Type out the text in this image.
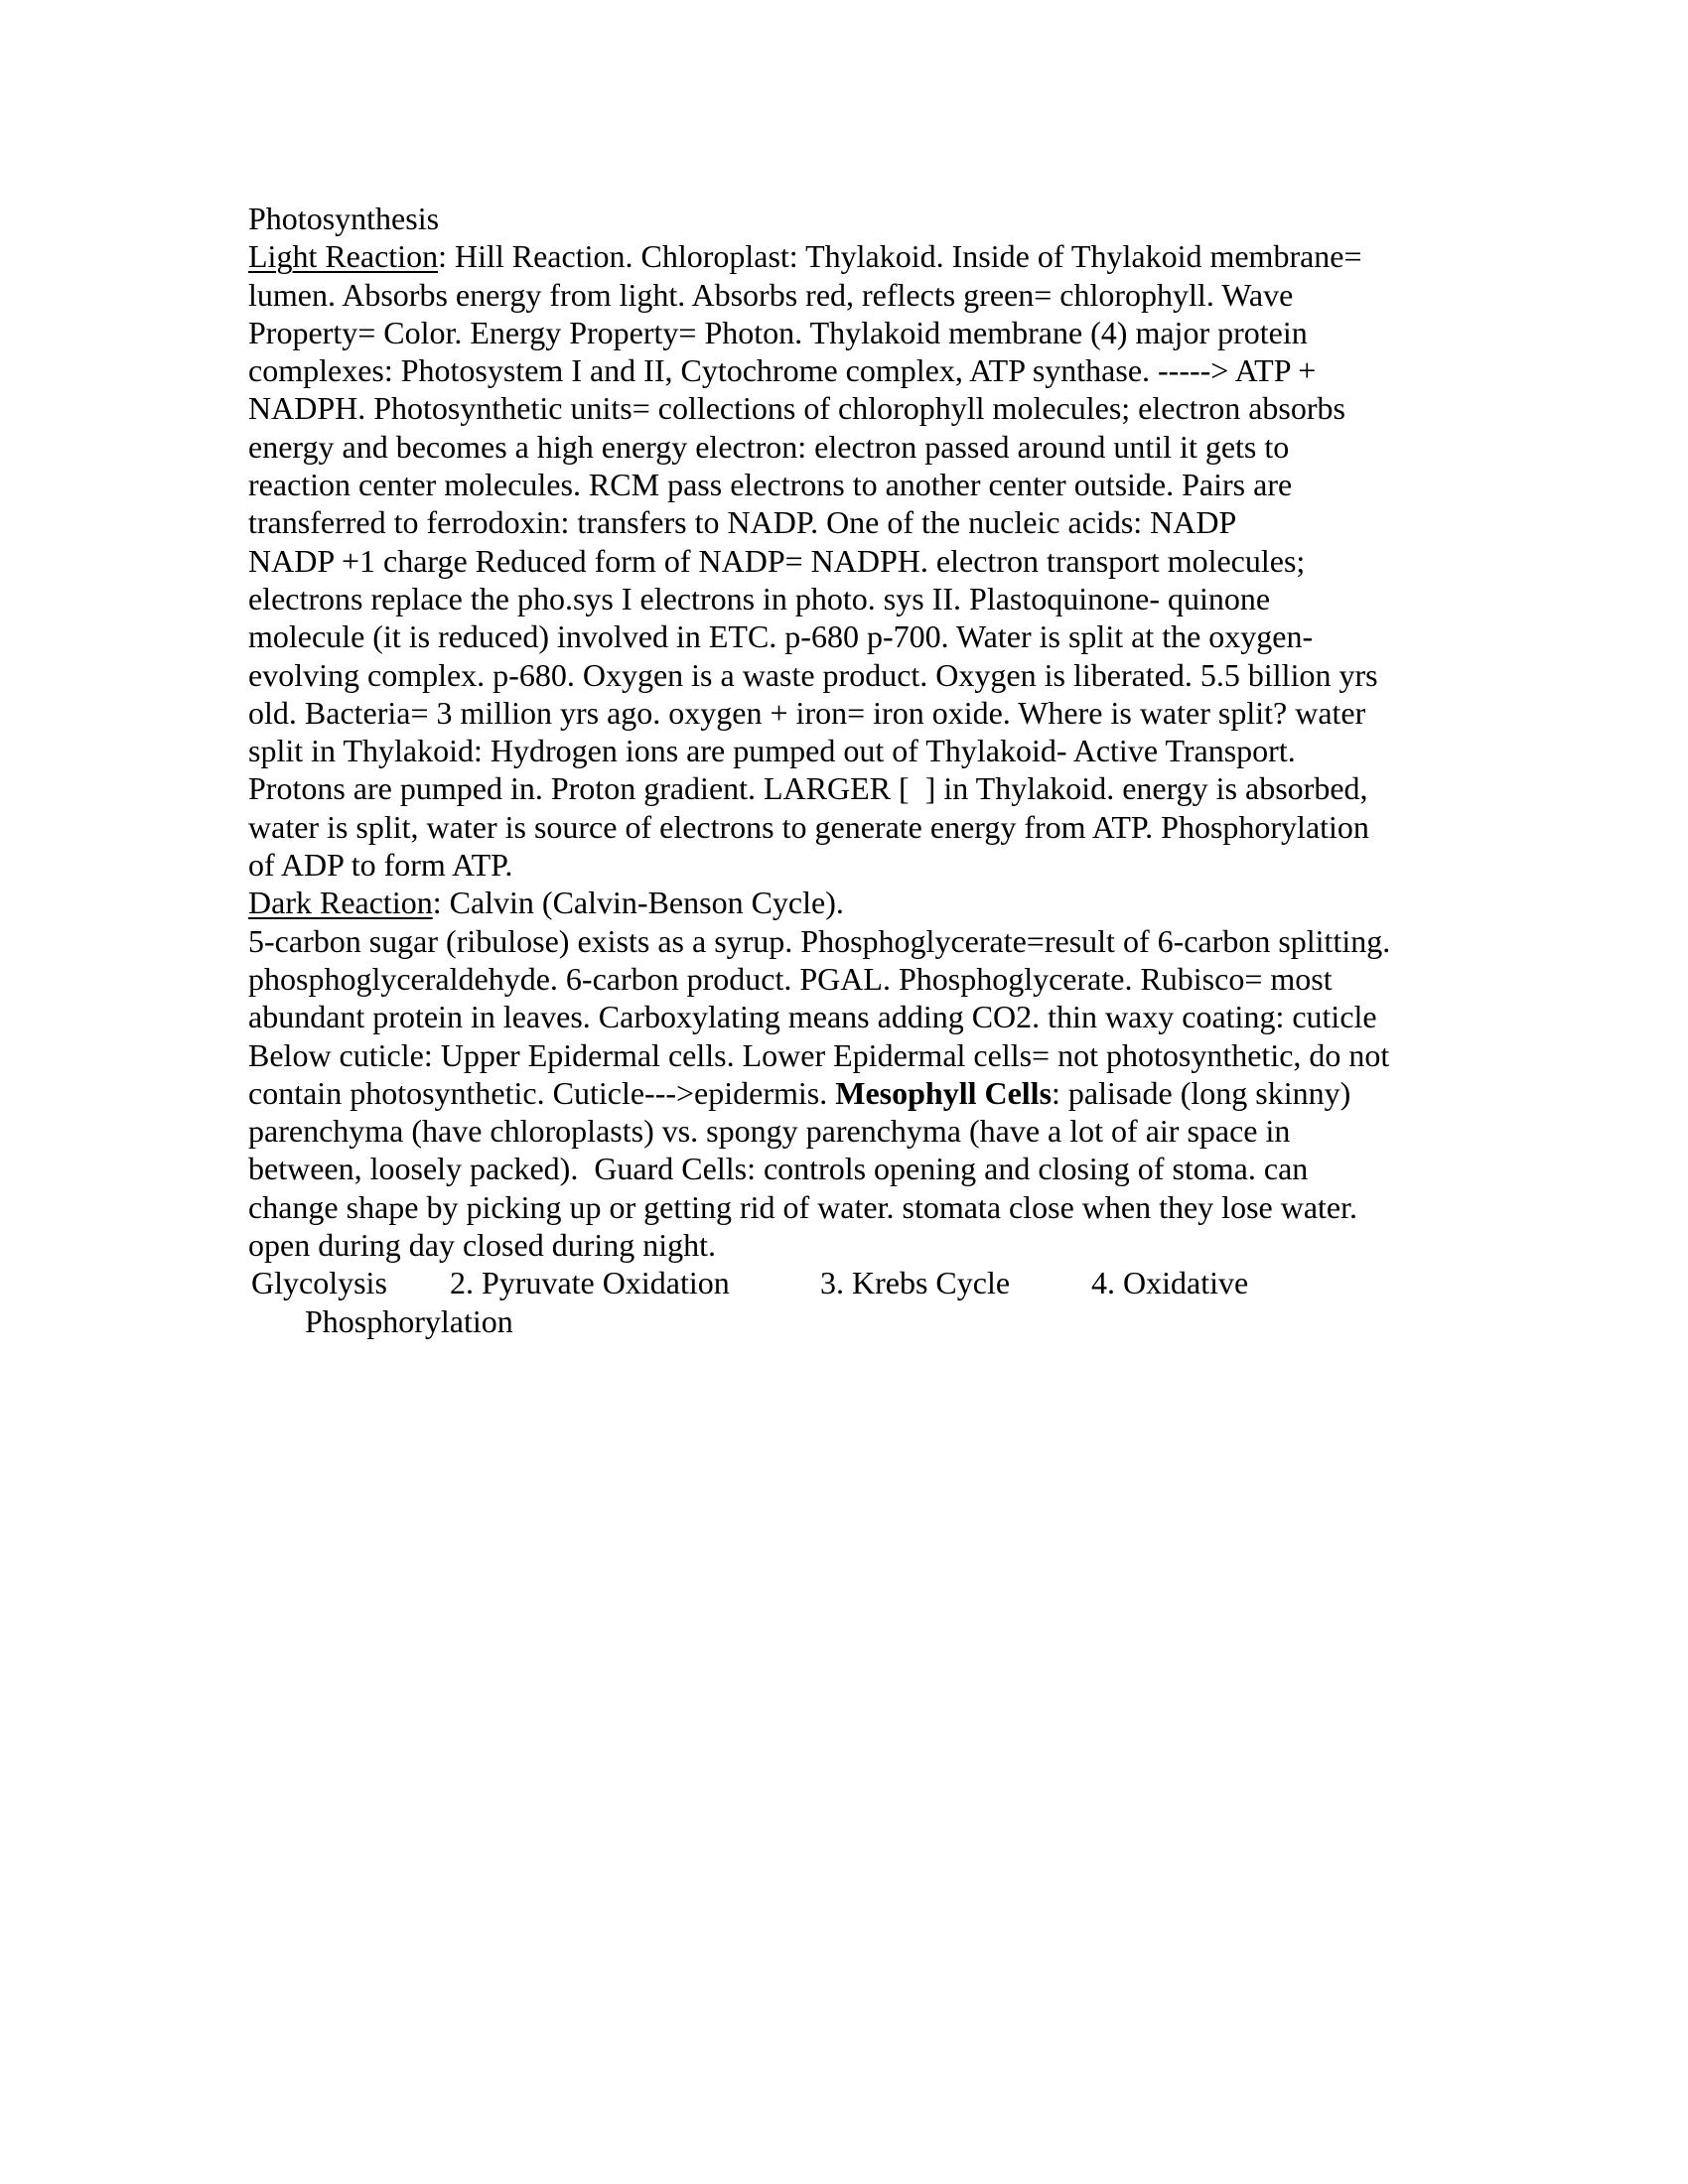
Photosynthesis
Light Reaction: Hill Reaction. Chloroplast: Thylakoid. Inside of Thylakoid membrane=
lumen. Absorbs energy from light. Absorbs red, reflects green= chlorophyll. Wave
Property= Color. Energy Property= Photon. Thylakoid membrane (4) major protein
complexes: Photosystem I and II, Cytochrome complex, ATP synthase. -----> ATP +
NADPH. Photosynthetic units= collections of chlorophyll molecules; electron absorbs
energy and becomes a high energy electron: electron passed around until it gets to
reaction center molecules. RCM pass electrons to another center outside. Pairs are
transferred to ferrodoxin: transfers to NADP. One of the nucleic acids: NADP
NADP +1 charge Reduced form of NADP= NADPH. electron transport molecules;
electrons replace the pho.sys I electrons in photo. sys II. Plastoquinone- quinone
molecule (it is reduced) involved in ETC. p-680 p-700. Water is split at the oxygen-
evolving complex. p-680. Oxygen is a waste product. Oxygen is liberated. 5.5 billion yrs
old. Bacteria= 3 million yrs ago. oxygen + iron= iron oxide. Where is water split? water
split in Thylakoid: Hydrogen ions are pumped out of Thylakoid- Active Transport.
Protons are pumped in. Proton gradient. LARGER [  ] in Thylakoid. energy is absorbed,
water is split, water is source of electrons to generate energy from ATP. Phosphorylation
of ADP to form ATP.
Dark Reaction: Calvin (Calvin-Benson Cycle).
5-carbon sugar (ribulose) exists as a syrup. Phosphoglycerate=result of 6-carbon splitting.
phosphoglyceraldehyde. 6-carbon product. PGAL. Phosphoglycerate. Rubisco= most
abundant protein in leaves. Carboxylating means adding CO2. thin waxy coating: cuticle
Below cuticle: Upper Epidermal cells. Lower Epidermal cells= not photosynthetic, do not
contain photosynthetic. Cuticle--->epidermis. Mesophyll Cells: palisade (long skinny)
parenchyma (have chloroplasts) vs. spongy parenchyma (have a lot of air space in
between, loosely packed).  Guard Cells: controls opening and closing of stoma. can
change shape by picking up or getting rid of water. stomata close when they lose water.
open during day closed during night.

Glycolysis

2. Pyruvate Oxidation

	3. Krebs Cycle

	4. Oxidative

Phosphorylation
